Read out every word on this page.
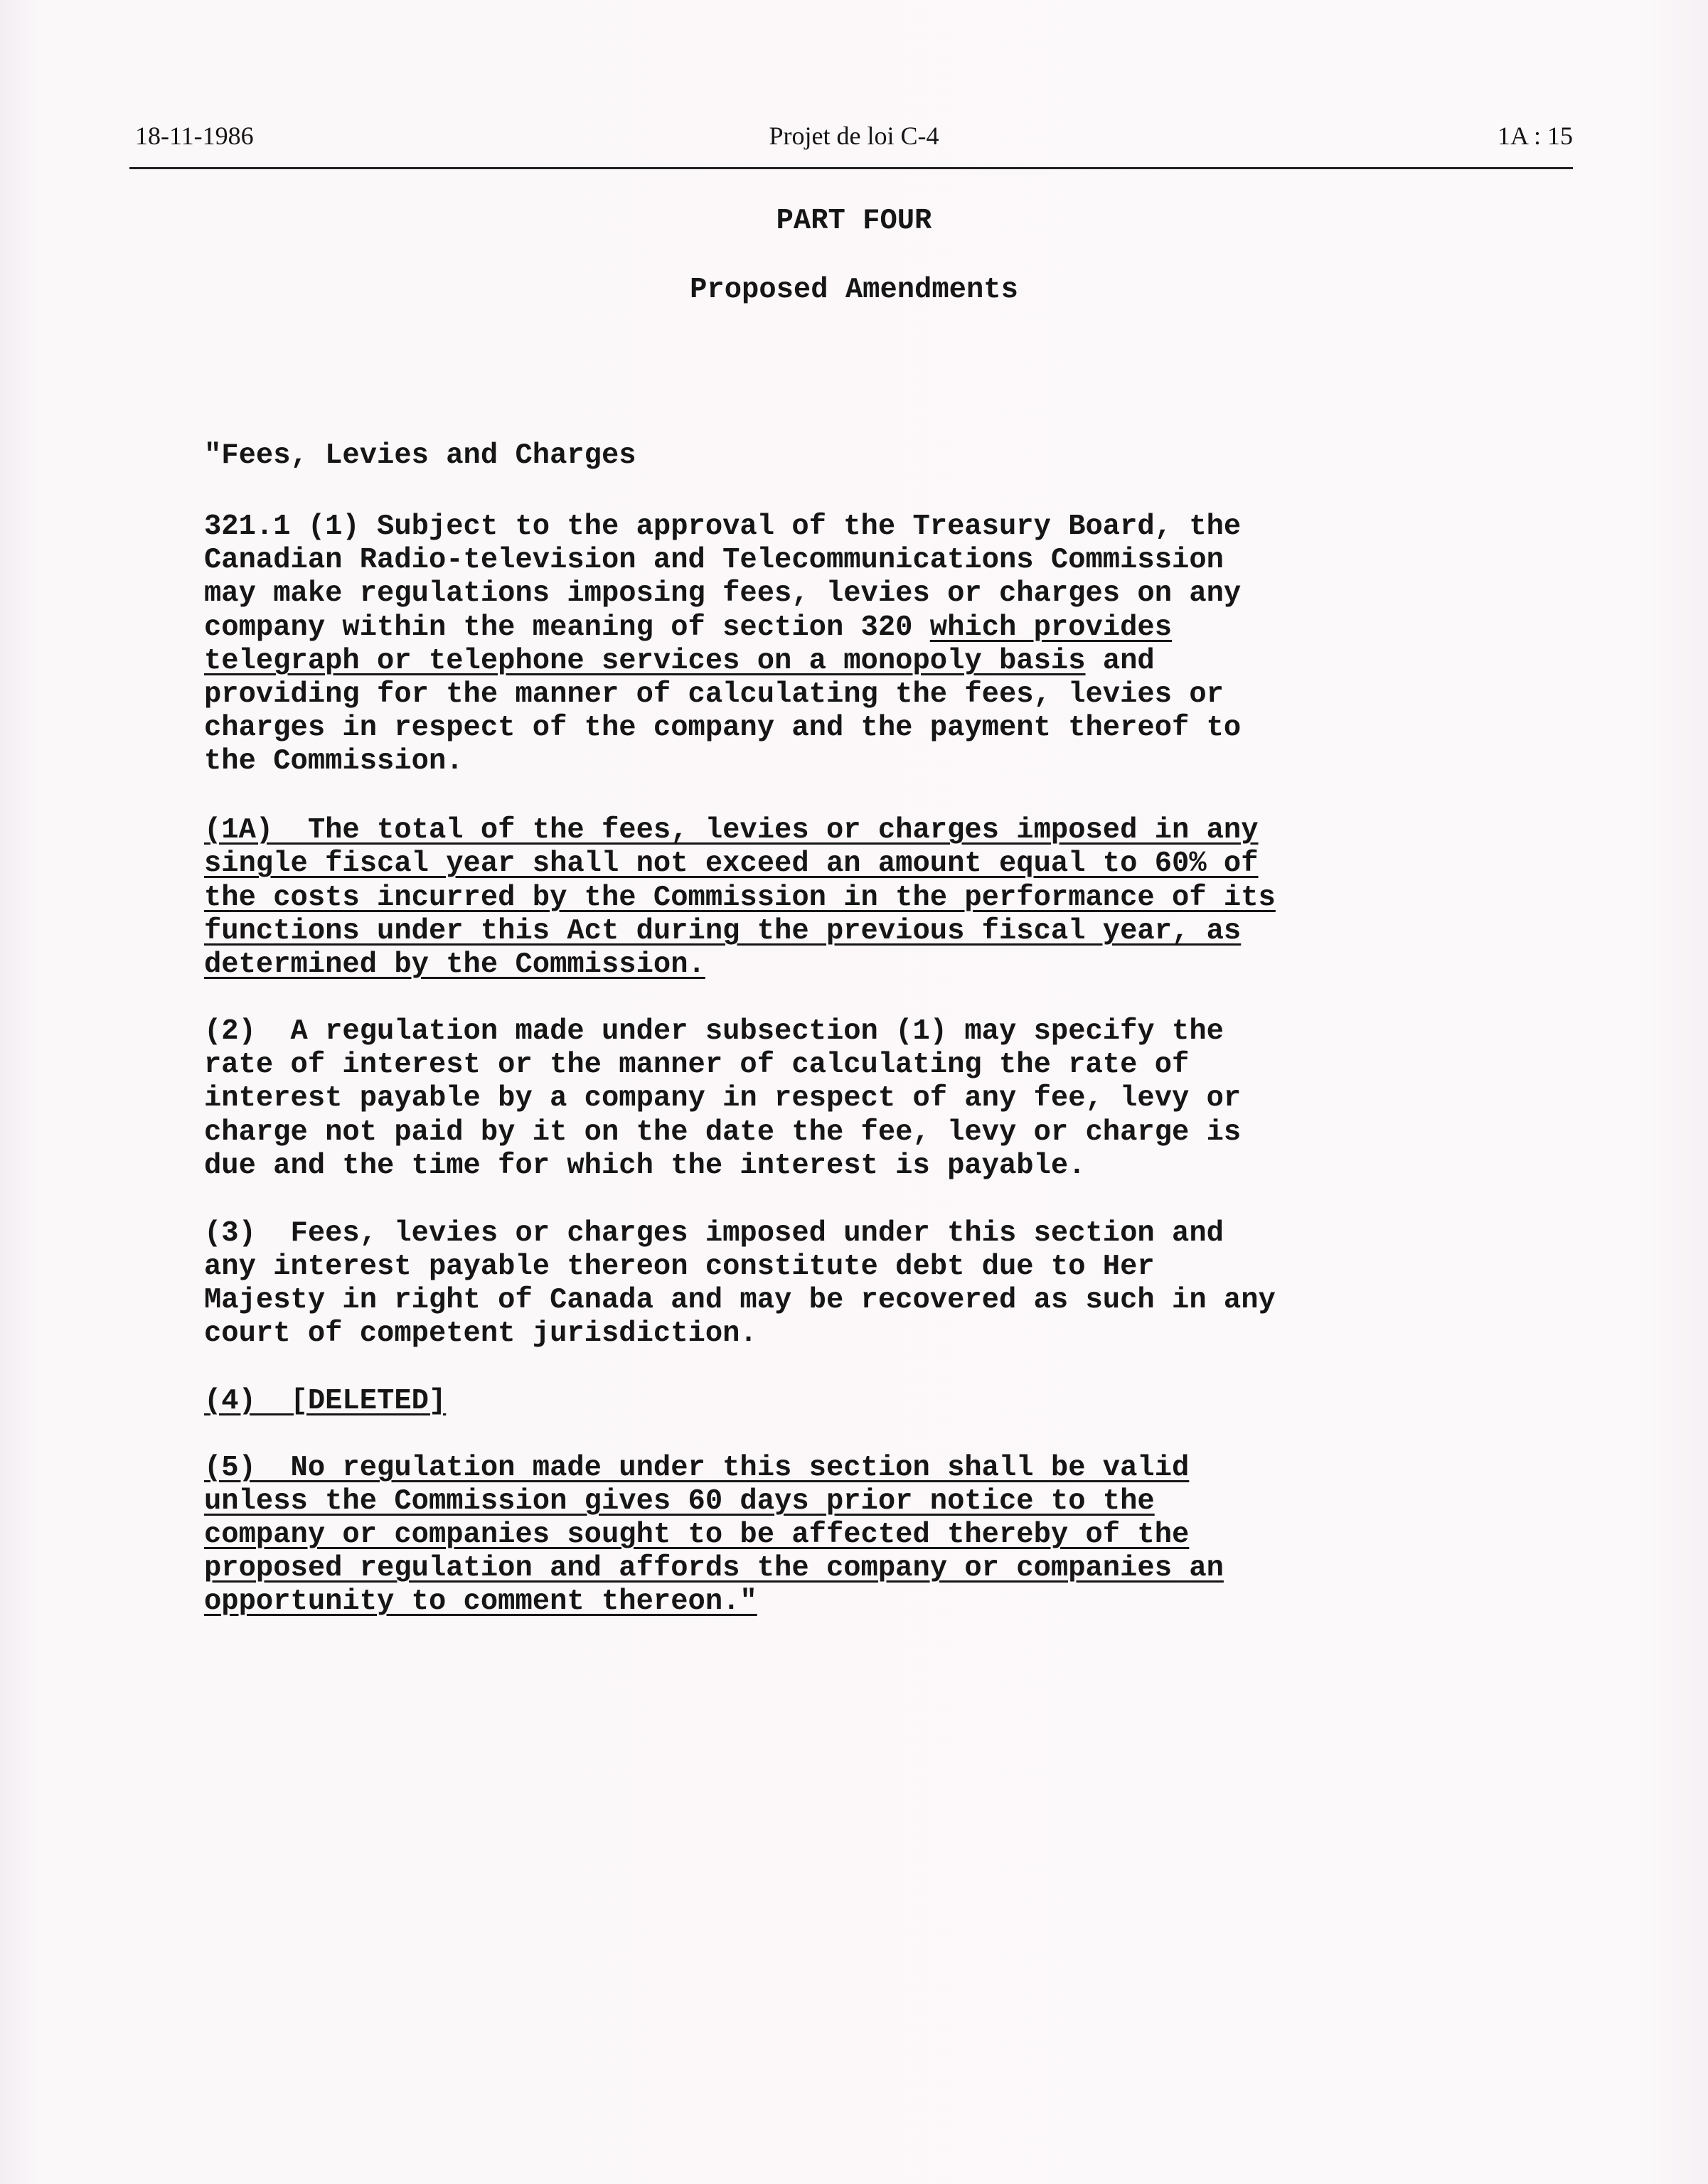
18-11-1986	Projet de loi C-4	1A : 15
PART FOUR
Proposed Amendments
"Fees, Levies and Charges
321.1 (1) Subject to the approval of the Treasury Board, the
Canadian Radio-television and Telecommunications Commission
may make regulations imposing fees, levies or charges on any
company within the meaning of section 320 which provides
telegraph or telephone services on a monopoly basis and
providing for the manner of calculating the fees, levies or
charges in respect of the company and the payment thereof to
the Commission.
(1A)  The total of the fees, levies or charges imposed in any
single fiscal year shall not exceed an amount equal to 60% of
the costs incurred by the Commission in the performance of its
functions under this Act during the previous fiscal year, as
determined by the Commission.
(2)  A regulation made under subsection (1) may specify the
rate of interest or the manner of calculating the rate of
interest payable by a company in respect of any fee, levy or
charge not paid by it on the date the fee, levy or charge is
due and the time for which the interest is payable.
(3)  Fees, levies or charges imposed under this section and
any interest payable thereon constitute debt due to Her
Majesty in right of Canada and may be recovered as such in any
court of competent jurisdiction.
(4)  [DELETED]
(5)  No regulation made under this section shall be valid
unless the Commission gives 60 days prior notice to the
company or companies sought to be affected thereby of the
proposed regulation and affords the company or companies an
opportunity to comment thereon."
